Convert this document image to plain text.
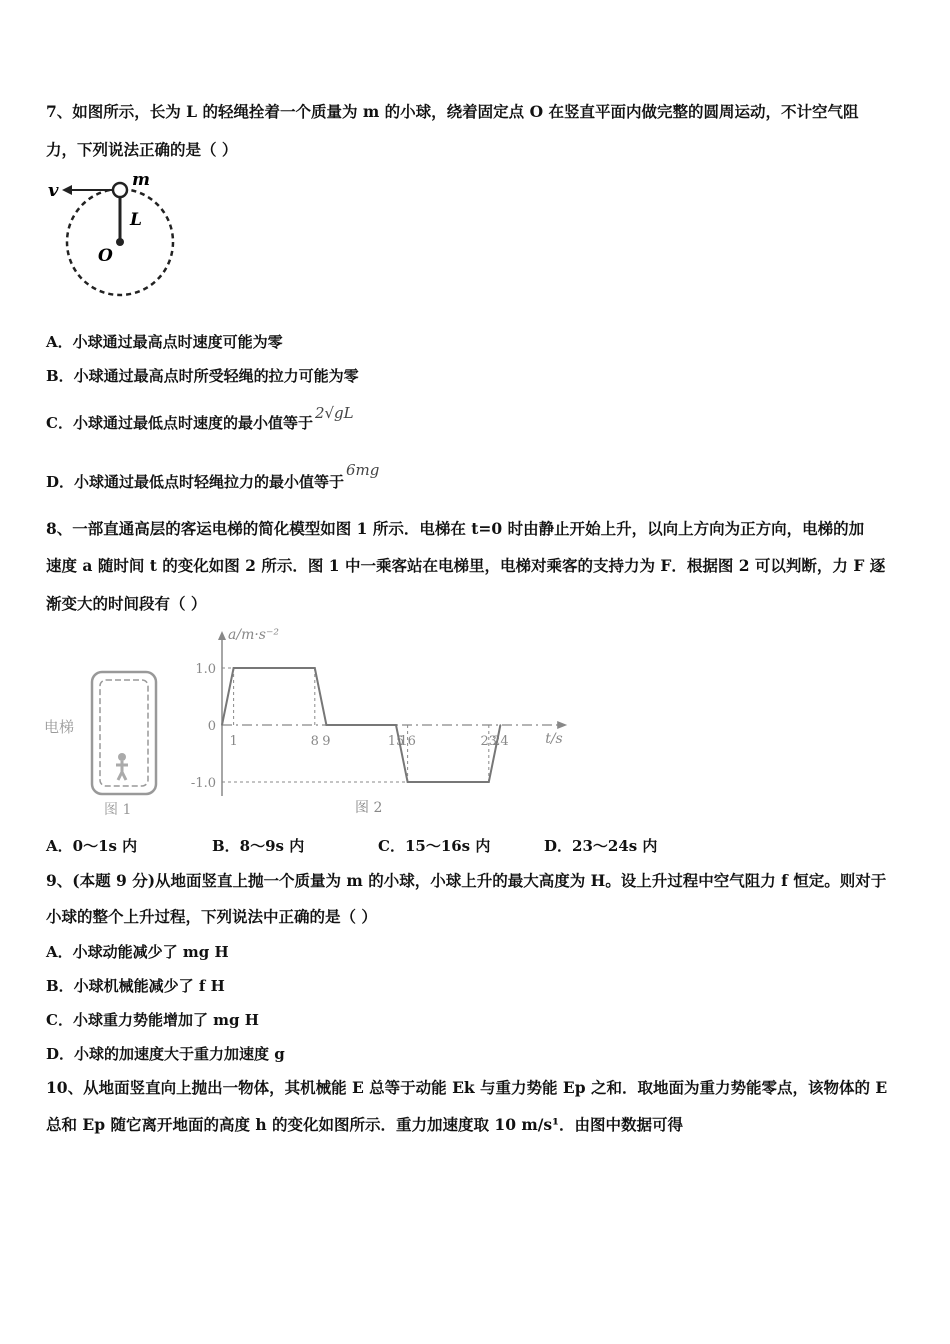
7、如图所示，长为 L 的轻绳拴着一个质量为 m 的小球，绕着固定点 O 在竖直平面内做完整的圆周运动，不计空气阻
力，下列说法正确的是（ ）
v	m
L
O
A．小球通过最高点时速度可能为零
B．小球通过最高点时所受轻绳的拉力可能为零
C．小球通过最低点时速度的最小值等于2√gL
D．小球通过最低点时轻绳拉力的最小值等于6mg
8、一部直通高层的客运电梯的简化模型如图 1 所示．电梯在 t=0 时由静止开始上升，以向上方向为正方向，电梯的加
速度 a 随时间 t 的变化如图 2 所示．图 1 中一乘客站在电梯里，电梯对乘客的支持力为 F．根据图 2 可以判断，力 F 逐
渐变大的时间段有（ ）
电梯
图 1
a/m·s⁻²
t/s
1.0
0
-1.0
1	8 9	15
16	23
24
图 2
A．0～1s 内	B．8～9s 内	C．15～16s 内	D．23～24s 内
9、(本题 9 分)从地面竖直上抛一个质量为 m 的小球，小球上升的最大高度为 H。设上升过程中空气阻力 f 恒定。则对于
小球的整个上升过程，下列说法中正确的是（ ）
A．小球动能减少了 mg H
B．小球机械能减少了 f H
C．小球重力势能增加了 mg H
D．小球的加速度大于重力加速度 g
10、从地面竖直向上抛出一物体，其机械能 E 总等于动能 Ek 与重力势能 Ep 之和．取地面为重力势能零点，该物体的 E
总和 Ep 随它离开地面的高度 h 的变化如图所示．重力加速度取 10 m/s¹．由图中数据可得
